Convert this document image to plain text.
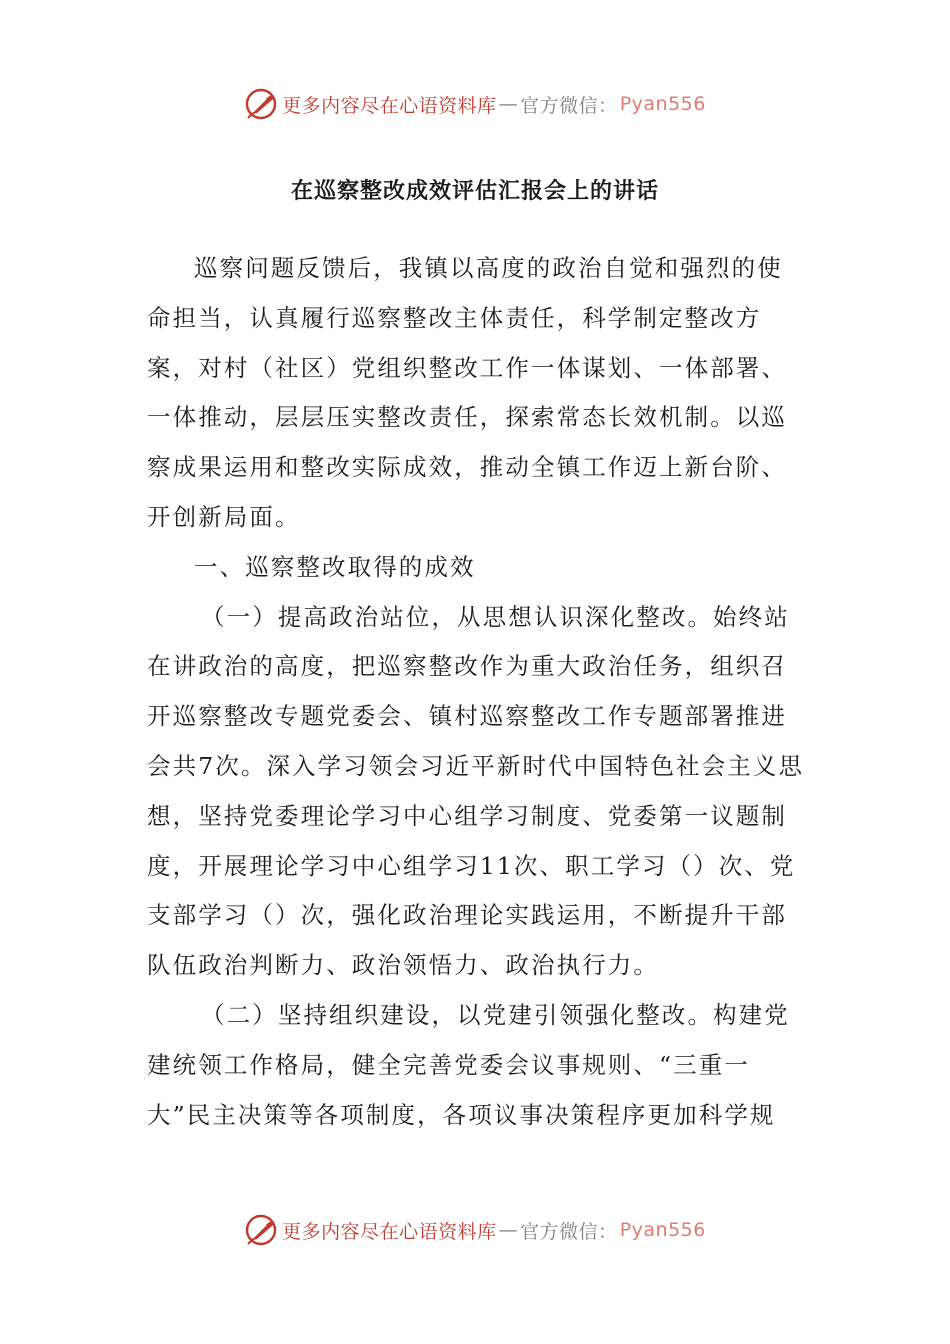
更多内容尽在心语资料库 — 官方微信： Pyan556
在巡察整改成效评估汇报会上的讲话

巡察问题反馈后，我镇以高度的政治自觉和强烈的使命担当，认真履行巡察整改主体责任，科学制定整改方案，对村（社区）党组织整改工作一体谋划、一体部署、一体推动，层层压实整改责任，探索常态长效机制。以巡察成果运用和整改实际成效，推动全镇工作迈上新台阶、开创新局面。

一、巡察整改取得的成效

（一）提高政治站位，从思想认识深化整改。始终站在讲政治的高度，把巡察整改作为重大政治任务，组织召开巡察整改专题党委会、镇村巡察整改工作专题部署推进会共7次。深入学习领会习近平新时代中国特色社会主义思想，坚持党委理论学习中心组学习制度、党委第一议题制度，开展理论学习中心组学习11次、职工学习（）次、党支部学习（）次，强化政治理论实践运用，不断提升干部队伍政治判断力、政治领悟力、政治执行力。

（二）坚持组织建设，以党建引领强化整改。构建党建统领工作格局，健全完善党委会议事规则、“三重一大”民主决策等各项制度，各项议事决策程序更加科学规

更多内容尽在心语资料库 — 官方微信： Pyan556
